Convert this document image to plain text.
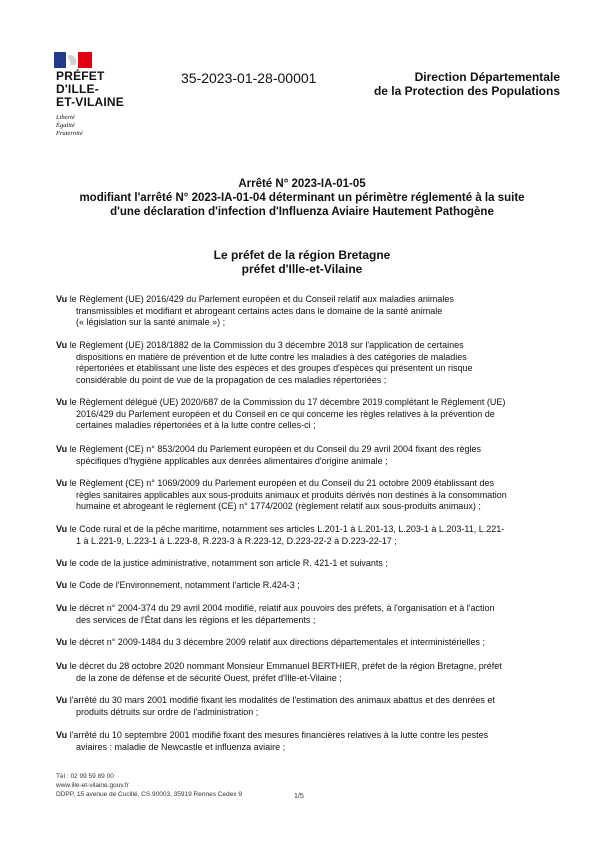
PRÉFET
D'ILLE-
ET-VILAINE
Liberté
Égalité
Fraternité
35-2023-01-28-00001	Direction Départementale
de la Protection des Populations
Arrêté N° 2023-IA-01-05
modifiant l'arrêté N° 2023-IA-01-04 déterminant un périmètre réglementé à la suite
d'une déclaration d'infection d'Influenza Aviaire Hautement Pathogène
Le préfet de la région Bretagne
préfet d'Ille-et-Vilaine
Vu le Règlement (UE) 2016/429 du Parlement européen et du Conseil relatif aux maladies animales
transmissibles et modifiant et abrogeant certains actes dans le domaine de la santé animale
(« législation sur la santé animale ») ;
Vu le Règlement (UE) 2018/1882 de la Commission du 3 décembre 2018 sur l'application de certaines
dispositions en matière de prévention et de lutte contre les maladies à des catégories de maladies
répertoriées et établissant une liste des espèces et des groupes d'espèces qui présentent un risque
considérable du point de vue de la propagation de ces maladies répertoriées ;
Vu le Règlement délégué (UE) 2020/687 de la Commission du 17 décembre 2019 complétant le Règlement (UE)
2016/429 du Parlement européen et du Conseil en ce qui concerne les règles relatives à la prévention de
certaines maladies répertoriées et à la lutte contre celles-ci ;
Vu le Règlement (CE) n° 853/2004 du Parlement européen et du Conseil du 29 avril 2004 fixant des règles
spécifiques d'hygiène applicables aux denrées alimentaires d'origine animale ;
Vu le Règlement (CE) n° 1069/2009 du Parlement européen et du Conseil du 21 octobre 2009 établissant des
règles sanitaires applicables aux sous-produits animaux et produits dérivés non destinés à la consommation
humaine et abrogeant le règlement (CE) n° 1774/2002 (règlement relatif aux sous-produits animaux) ;
Vu le Code rural et de la pêche maritime, notamment ses articles L.201-1 à L.201-13, L.203-1 à L.203-11, L.221-
1 à L.221-9, L.223-1 à L.223-8, R.223-3 à R.223-12, D.223-22-2 à D.223-22-17 ;
Vu le code de la justice administrative, notamment son article R. 421-1 et suivants ;
Vu le Code de l'Environnement, notamment l'article R.424-3 ;
Vu le décret n° 2004-374 du 29 avril 2004 modifié, relatif aux pouvoirs des préfets, à l'organisation et à l'action
des services de l'État dans les régions et les départements ;
Vu le décret n° 2009-1484 du 3 décembre 2009 relatif aux directions départementales et interministérielles ;
Vu le décret du 28 octobre 2020 nommant Monsieur Emmanuel BERTHIER, préfet de la région Bretagne, préfet
de la zone de défense et de sécurité Ouest, préfet d'Ille-et-Vilaine ;
Vu l'arrêté du 30 mars 2001 modifié fixant les modalités de l'estimation des animaux abattus et des denrées et
produits détruits sur ordre de l'administration ;
Vu l'arrêté du 10 septembre 2001 modifié fixant des mesures financières relatives à la lutte contre les pestes
aviaires : maladie de Newcastle et influenza aviaire ;
Tél : 02 99 59 89 00
www.ille-et-vilaine.gouv.fr
DDPP, 15 avenue de Cucillé, CS 90003, 35919 Rennes Cedex 9	1/5
